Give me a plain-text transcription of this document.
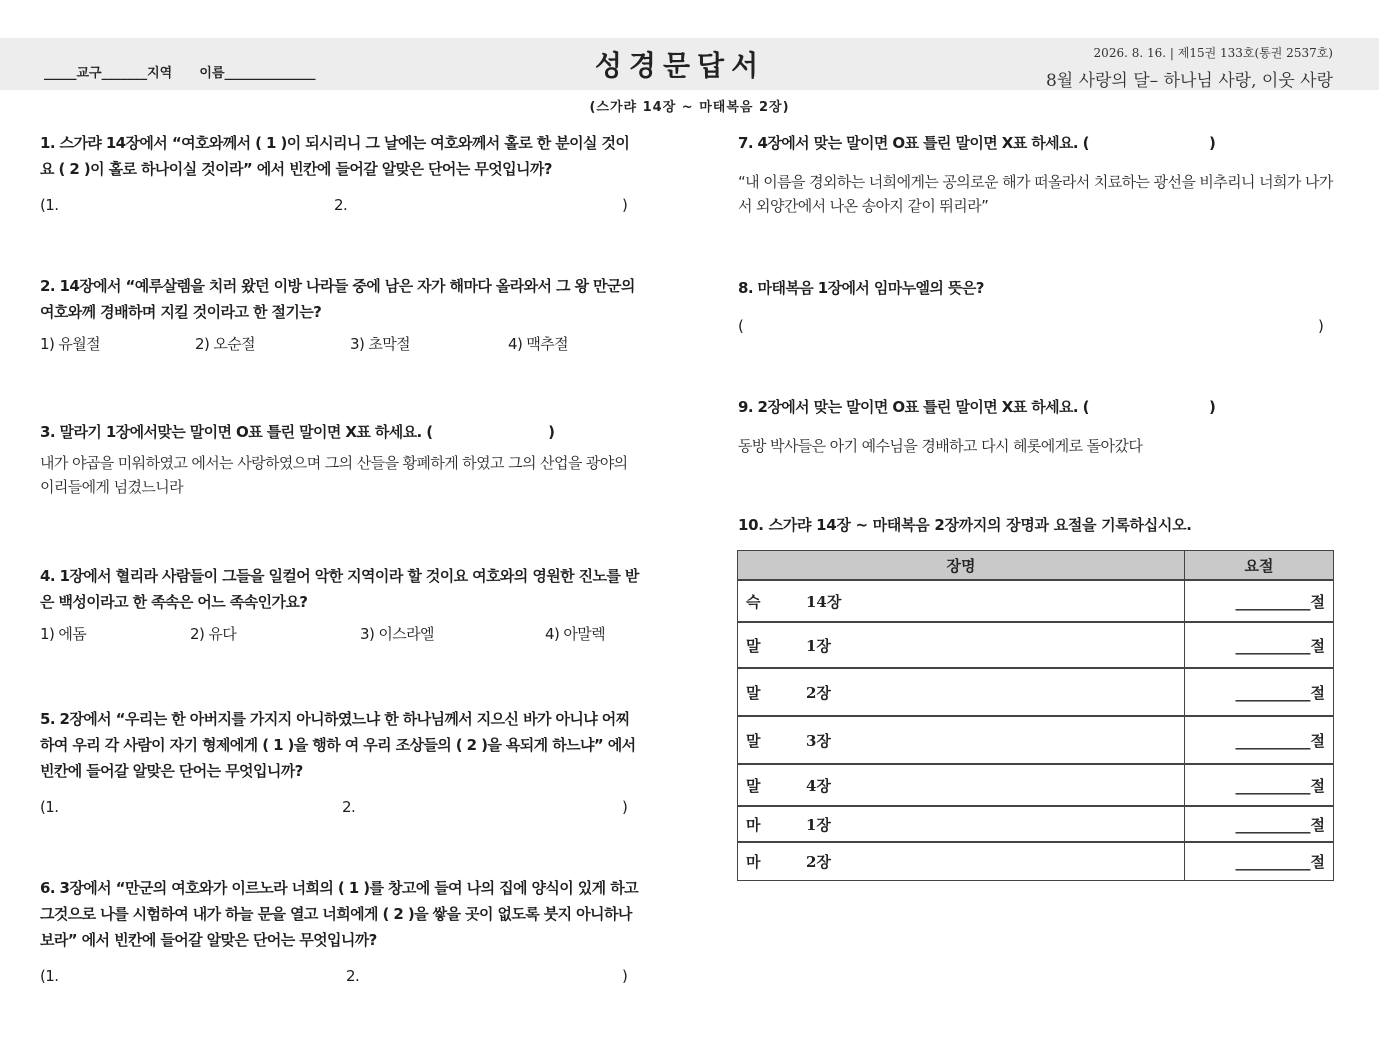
_____교구_______지역      이름______________	성경문답서	2026. 8. 16. | 제15권 133호(통권 2537호)
8월 사랑의 달– 하나님 사랑, 이웃 사랑
(스가랴 14장 ~ 마태복음 2장)
1. 스가랴 14장에서 “여호와께서 ( 1 )이 되시리니 그 날에는 여호와께서 홀로 한 분이실 것이요 ( 2 )이 홀로 하나이실 것이라” 에서 빈칸에 들어갈 알맞은 단어는 무엇입니까?
(1.	2.	)
2. 14장에서 “예루살렘을 치러 왔던 이방 나라들 중에 남은 자가 해마다 올라와서 그 왕 만군의 여호와께 경배하며 지킬 것이라고 한 절기는?
1) 유월절	2) 오순절	3) 초막절	4) 맥추절
3. 말라기 1장에서맞는 말이면 O표 틀린 말이면 X표 하세요. (                         )
내가 야곱을 미워하였고 에서는 사랑하였으며 그의 산들을 황폐하게 하였고 그의 산업을 광야의 이리들에게 넘겼느니라
4. 1장에서 혈리라 사람들이 그들을 일컬어 악한 지역이라 할 것이요 여호와의 영원한 진노를 받은 백성이라고 한 족속은 어느 족속인가요?
1) 에돔	2) 유다	3) 이스라엘	4) 아말렉
5. 2장에서 “우리는 한 아버지를 가지지 아니하였느냐 한 하나님께서 지으신 바가 아니냐 어찌 하여 우리 각 사람이 자기 형제에게 ( 1 )을 행하 여 우리 조상들의 ( 2 )을 욕되게 하느냐” 에서 빈칸에 들어갈 알맞은 단어는 무엇입니까?
(1.	2.	)
6. 3장에서 “만군의 여호와가 이르노라 너희의 ( 1 )를 창고에 들여 나의 집에 양식이 있게 하고 그것으로 나를 시험하여 내가 하늘 문을 열고 너희에게 ( 2 )을 쌓을 곳이 없도록 붓지 아니하나 보라” 에서 빈칸에 들어갈 알맞은 단어는 무엇입니까?
(1.	2.	)
7. 4장에서 맞는 말이면 O표 틀린 말이면 X표 하세요. (                          )
“내 이름을 경외하는 너희에게는 공의로운 해가 떠올라서 치료하는 광선을 비추리니 너희가 나가서 외양간에서 나온 송아지 같이 뛰리라”
8. 마태복음 1장에서 임마누엘의 뜻은?
(	)
9. 2장에서 맞는 말이면 O표 틀린 말이면 X표 하세요. (                          )
동방 박사들은 아기 예수님을 경배하고 다시 헤롯에게로 돌아갔다
10. 스가랴 14장 ~ 마태복음 2장까지의 장명과 요절을 기록하십시오.
장명	요절
슥 14장	__________절
말 1장	__________절
말 2장	__________절
말 3장	__________절
말 4장	__________절
마 1장	__________절
마 2장	__________절
